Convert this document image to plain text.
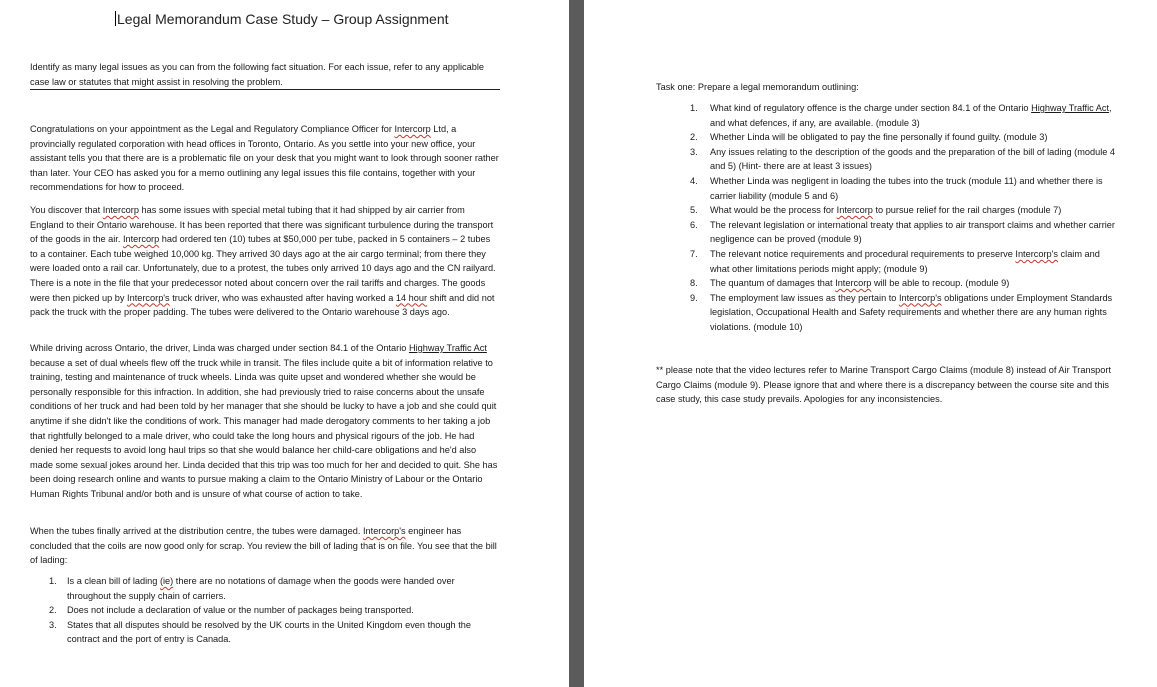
Legal Memorandum Case Study – Group Assignment

Identify as many legal issues as you can from the following fact situation. For each issue, refer to any applicable case law or statutes that might assist in resolving the problem.

Congratulations on your appointment as the Legal and Regulatory Compliance Officer for Intercorp Ltd, a provincially regulated corporation with head offices in Toronto, Ontario. As you settle into your new office, your assistant tells you that there are is a problematic file on your desk that you might want to look through sooner rather than later. Your CEO has asked you for a memo outlining any legal issues this file contains, together with your recommendations for how to proceed.

You discover that Intercorp has some issues with special metal tubing that it had shipped by air carrier from England to their Ontario warehouse. It has been reported that there was significant turbulence during the transport of the goods in the air. Intercorp had ordered ten (10) tubes at $50,000 per tube, packed in 5 containers – 2 tubes to a container. Each tube weighed 10,000 kg. They arrived 30 days ago at the air cargo terminal; from there they were loaded onto a rail car. Unfortunately, due to a protest, the tubes only arrived 10 days ago and the CN railyard. There is a note in the file that your predecessor noted about concern over the rail tariffs and charges. The goods were then picked up by Intercorp's truck driver, who was exhausted after having worked a 14 hour shift and did not pack the truck with the proper padding. The tubes were delivered to the Ontario warehouse 3 days ago.

While driving across Ontario, the driver, Linda was charged under section 84.1 of the Ontario Highway Traffic Act because a set of dual wheels flew off the truck while in transit. The files include quite a bit of information relative to training, testing and maintenance of truck wheels. Linda was quite upset and wondered whether she would be personally responsible for this infraction. In addition, she had previously tried to raise concerns about the unsafe conditions of her truck and had been told by her manager that she should be lucky to have a job and she could quit anytime if she didn't like the conditions of work. This manager had made derogatory comments to her taking a job that rightfully belonged to a male driver, who could take the long hours and physical rigours of the job. He had denied her requests to avoid long haul trips so that she would balance her child-care obligations and he'd also made some sexual jokes around her. Linda decided that this trip was too much for her and decided to quit. She has been doing research online and wants to pursue making a claim to the Ontario Ministry of Labour or the Ontario Human Rights Tribunal and/or both and is unsure of what course of action to take.

When the tubes finally arrived at the distribution centre, the tubes were damaged. Intercorp's engineer has concluded that the coils are now good only for scrap. You review the bill of lading that is on file. You see that the bill of lading:

1. Is a clean bill of lading (ie) there are no notations of damage when the goods were handed over throughout the supply chain of carriers.
2. Does not include a declaration of value or the number of packages being transported.
3. States that all disputes should be resolved by the UK courts in the United Kingdom even though the contract and the port of entry is Canada.

Task one: Prepare a legal memorandum outlining:

1. What kind of regulatory offence is the charge under section 84.1 of the Ontario Highway Traffic Act, and what defences, if any, are available. (module 3)
2. Whether Linda will be obligated to pay the fine personally if found guilty. (module 3)
3. Any issues relating to the description of the goods and the preparation of the bill of lading (module 4 and 5) (Hint- there are at least 3 issues)
4. Whether Linda was negligent in loading the tubes into the truck (module 11) and whether there is carrier liability (module 5 and 6)
5. What would be the process for Intercorp to pursue relief for the rail charges (module 7)
6. The relevant legislation or international treaty that applies to air transport claims and whether carrier negligence can be proved (module 9)
7. The relevant notice requirements and procedural requirements to preserve Intercorp's claim and what other limitations periods might apply; (module 9)
8. The quantum of damages that Intercorp will be able to recoup. (module 9)
9. The employment law issues as they pertain to Intercorp's obligations under Employment Standards legislation, Occupational Health and Safety requirements and whether there are any human rights violations. (module 10)

** please note that the video lectures refer to Marine Transport Cargo Claims (module 8) instead of Air Transport Cargo Claims (module 9). Please ignore that and where there is a discrepancy between the course site and this case study, this case study prevails. Apologies for any inconsistencies.
